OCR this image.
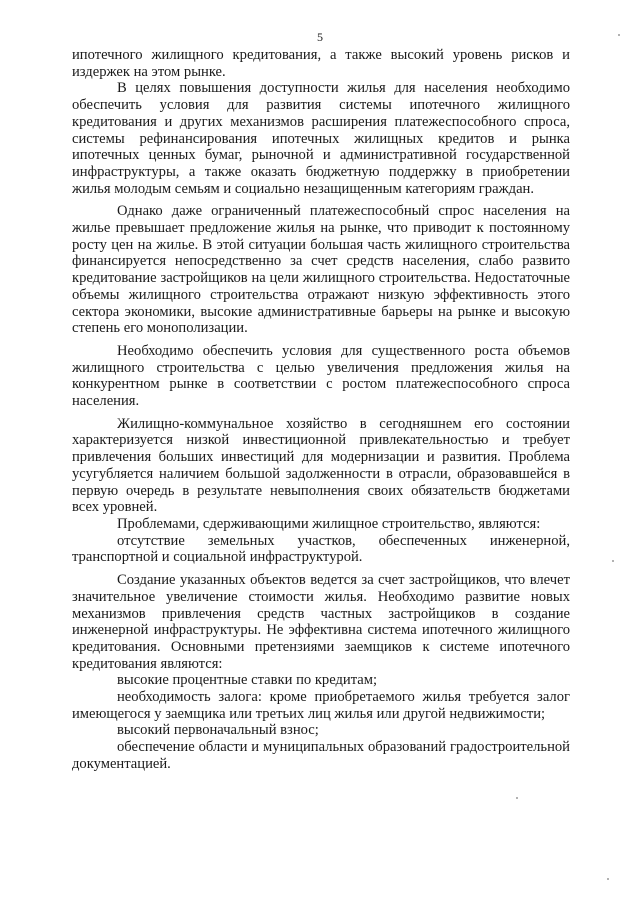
5

ипотечного жилищного кредитования, а также высокий уровень рисков и издержек на этом рынке.

В целях повышения доступности жилья для населения необходимо обеспечить условия для развития системы ипотечного жилищного кредитования и других механизмов расширения платежеспособного спроса, системы рефинансирования ипотечных жилищных кредитов и рынка ипотечных ценных бумаг, рыночной и административной государственной инфраструктуры, а также оказать бюджетную поддержку в приобретении жилья молодым семьям и социально незащищенным категориям граждан.

Однако даже ограниченный платежеспособный спрос населения на жилье превышает предложение жилья на рынке, что приводит к постоянному росту цен на жилье. В этой ситуации большая часть жилищного строительства финансируется непосредственно за счет средств населения, слабо развито кредитование застройщиков на цели жилищного строительства. Недостаточные объемы жилищного строительства отражают низкую эффективность этого сектора экономики, высокие административные барьеры на рынке и высокую степень его монополизации.

Необходимо обеспечить условия для существенного роста объемов жилищного строительства с целью увеличения предложения жилья на конкурентном рынке в соответствии с ростом платежеспособного спроса населения.

Жилищно-коммунальное хозяйство в сегодняшнем его состоянии характеризуется низкой инвестиционной привлекательностью и требует привлечения больших инвестиций для модернизации и развития. Проблема усугубляется наличием большой задолженности в отрасли, образовавшейся в первую очередь в результате невыполнения своих обязательств бюджетами всех уровней.

Проблемами, сдерживающими жилищное строительство, являются:

отсутствие земельных участков, обеспеченных инженерной, транспортной и социальной инфраструктурой.

Создание указанных объектов ведется за счет застройщиков, что влечет значительное увеличение стоимости жилья. Необходимо развитие новых механизмов привлечения средств частных застройщиков в создание инженерной инфраструктуры. Не эффективна система ипотечного жилищного кредитования. Основными претензиями заемщиков к системе ипотечного кредитования являются:

высокие процентные ставки по кредитам;

необходимость залога: кроме приобретаемого жилья требуется залог имеющегося у заемщика или третьих лиц жилья или другой недвижимости;

высокий первоначальный взнос;

обеспечение области и муниципальных образований градостроительной документацией.
